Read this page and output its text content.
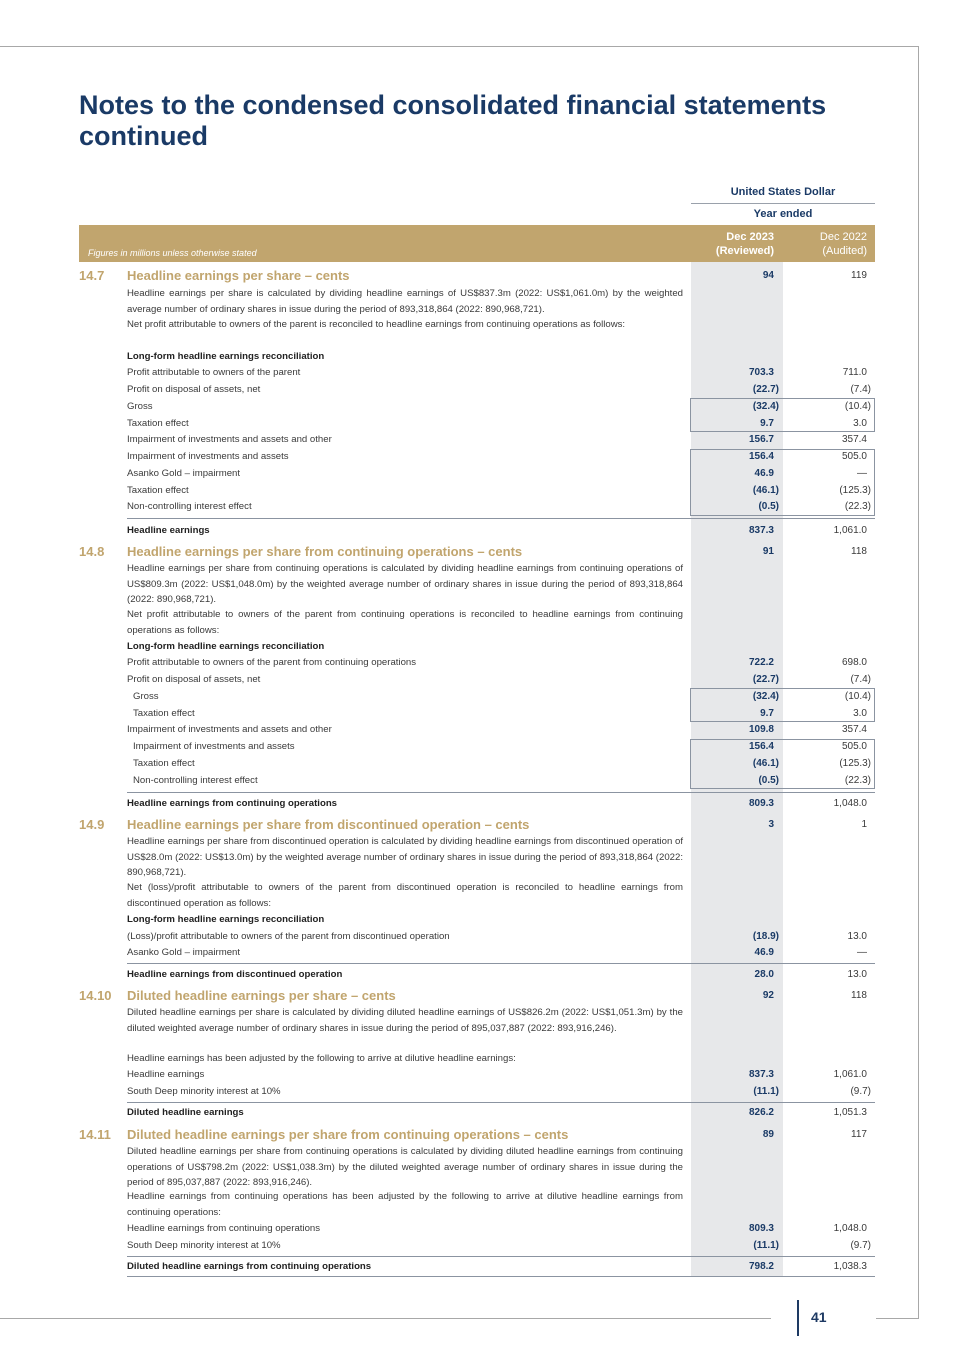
Notes to the condensed consolidated financial statements continued
United States Dollar
Year ended
Figures in millions unless otherwise stated
Dec 2023
(Reviewed)
Dec 2022
(Audited)
14.7 Headline earnings per share – cents	94	119
Headline earnings per share is calculated by dividing headline earnings of US$837.3m (2022: US$1,061.0m) by the weighted average number of ordinary shares in issue during the period of 893,318,864 (2022: 890,968,721).
Net profit attributable to owners of the parent is reconciled to headline earnings from continuing operations as follows:
Long-form headline earnings reconciliation
Profit attributable to owners of the parent	703.3	711.0
Profit on disposal of assets, net	(22.7)	(7.4)
Gross	(32.4)	(10.4)
Taxation effect	9.7	3.0
Impairment of investments and assets and other	156.7	357.4
Impairment of investments and assets	156.4	505.0
Asanko Gold – impairment	46.9	—
Taxation effect	(46.1)	(125.3)
Non-controlling interest effect	(0.5)	(22.3)
Headline earnings	837.3	1,061.0
14.8 Headline earnings per share from continuing operations – cents	91	118
Headline earnings per share from continuing operations is calculated by dividing headline earnings from continuing operations of US$809.3m (2022: US$1,048.0m) by the weighted average number of ordinary shares in issue during the period of 893,318,864 (2022: 890,968,721).
Net profit attributable to owners of the parent from continuing operations is reconciled to headline earnings from continuing operations as follows:
Long-form headline earnings reconciliation
Profit attributable to owners of the parent from continuing operations	722.2	698.0
Profit on disposal of assets, net	(22.7)	(7.4)
Gross	(32.4)	(10.4)
Taxation effect	9.7	3.0
Impairment of investments and assets and other	109.8	357.4
Impairment of investments and assets	156.4	505.0
Taxation effect	(46.1)	(125.3)
Non-controlling interest effect	(0.5)	(22.3)
Headline earnings from continuing operations	809.3	1,048.0
14.9 Headline earnings per share from discontinued operation – cents	3	1
Headline earnings per share from discontinued operation is calculated by dividing headline earnings from discontinued operation of US$28.0m (2022: US$13.0m) by the weighted average number of ordinary shares in issue during the period of 893,318,864 (2022: 890,968,721).
Net (loss)/profit attributable to owners of the parent from discontinued operation is reconciled to headline earnings from discontinued operation as follows:
Long-form headline earnings reconciliation
(Loss)/profit attributable to owners of the parent from discontinued operation	(18.9)	13.0
Asanko Gold – impairment	46.9	—
Headline earnings from discontinued operation	28.0	13.0
14.10 Diluted headline earnings per share – cents	92	118
Diluted headline earnings per share is calculated by dividing diluted headline earnings of US$826.2m (2022: US$1,051.3m) by the diluted weighted average number of ordinary shares in issue during the period of 895,037,887 (2022: 893,916,246).
Headline earnings has been adjusted by the following to arrive at dilutive headline earnings:
Headline earnings	837.3	1,061.0
South Deep minority interest at 10%	(11.1)	(9.7)
Diluted headline earnings	826.2	1,051.3
14.11 Diluted headline earnings per share from continuing operations – cents	89	117
Diluted headline earnings per share from continuing operations is calculated by dividing diluted headline earnings from continuing operations of US$798.2m (2022: US$1,038.3m) by the diluted weighted average number of ordinary shares in issue during the period of 895,037,887 (2022: 893,916,246).
Headline earnings from continuing operations has been adjusted by the following to arrive at dilutive headline earnings from continuing operations:
Headline earnings from continuing operations	809.3	1,048.0
South Deep minority interest at 10%	(11.1)	(9.7)
Diluted headline earnings from continuing operations	798.2	1,038.3
41
